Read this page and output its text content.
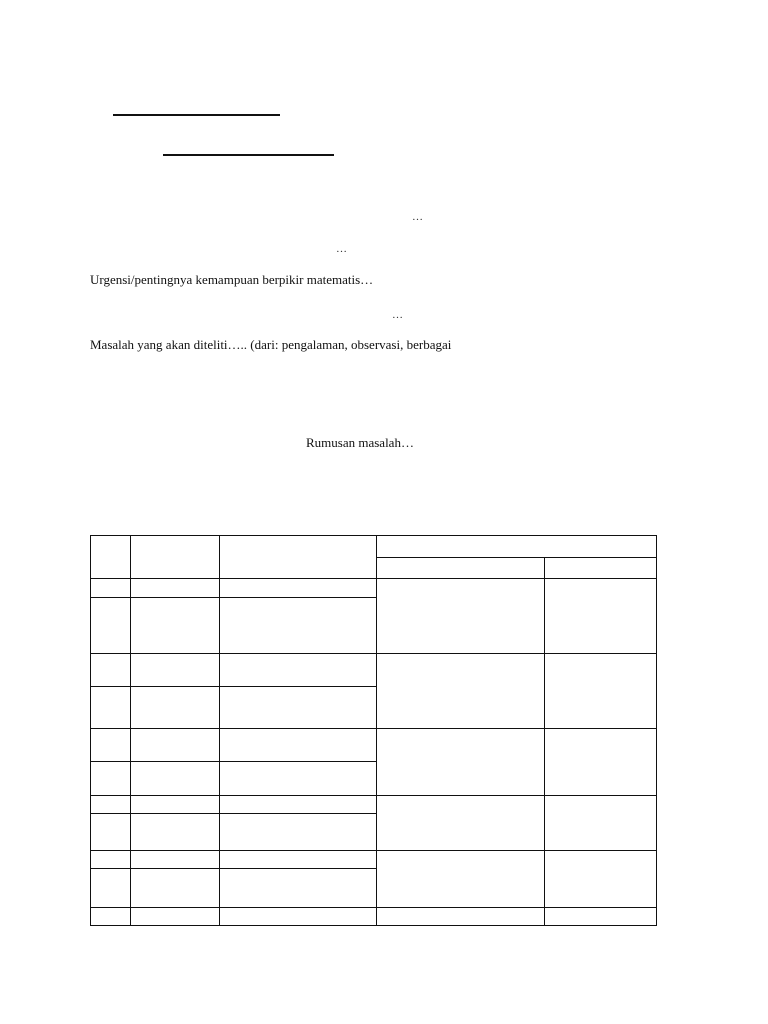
…
…
Urgensi/pentingnya kemampuan berpikir matematis…
…
Masalah yang akan diteliti….. (dari: pengalaman, observasi, berbagai
Rumusan masalah…
